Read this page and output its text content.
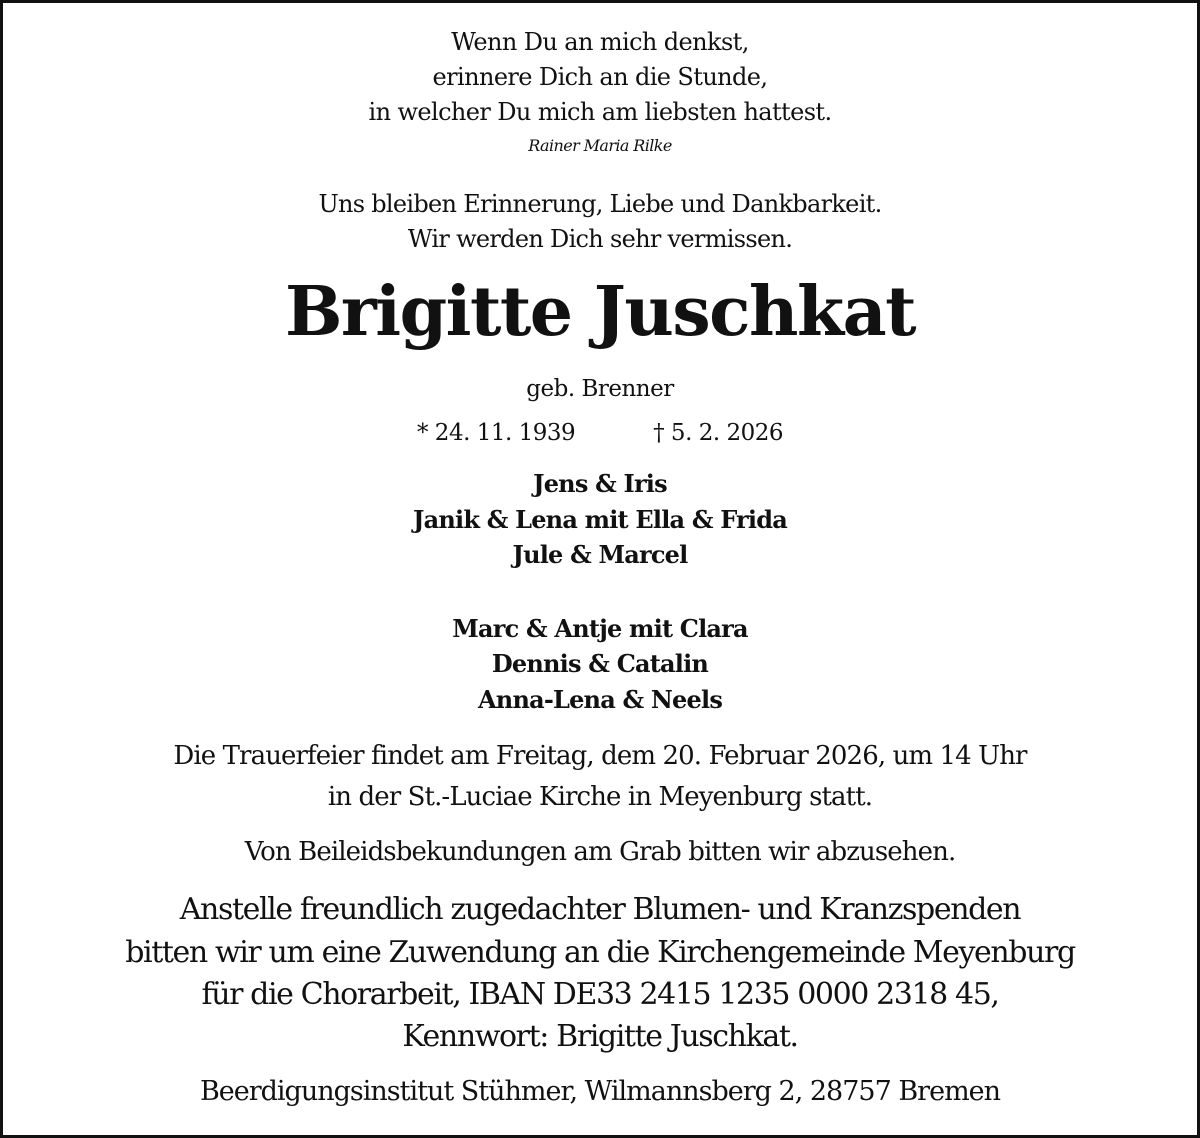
Wenn Du an mich denkst,
erinnere Dich an die Stunde,
in welcher Du mich am liebsten hattest.
Rainer Maria Rilke
Uns bleiben Erinnerung, Liebe und Dankbarkeit.
Wir werden Dich sehr vermissen.
Brigitte Juschkat
geb. Brenner
* 24. 11. 1939	† 5. 2. 2026
Jens & Iris
Janik & Lena mit Ella & Frida
Jule & Marcel
Marc & Antje mit Clara
Dennis & Catalin
Anna-Lena & Neels
Die Trauerfeier findet am Freitag, dem 20. Februar 2026, um 14 Uhr
in der St.-Luciae Kirche in Meyenburg statt.
Von Beileidsbekundungen am Grab bitten wir abzusehen.
Anstelle freundlich zugedachter Blumen- und Kranzspenden
bitten wir um eine Zuwendung an die Kirchengemeinde Meyenburg
für die Chorarbeit, IBAN DE33 2415 1235 0000 2318 45,
Kennwort: Brigitte Juschkat.
Beerdigungsinstitut Stühmer, Wilmannsberg 2, 28757 Bremen
